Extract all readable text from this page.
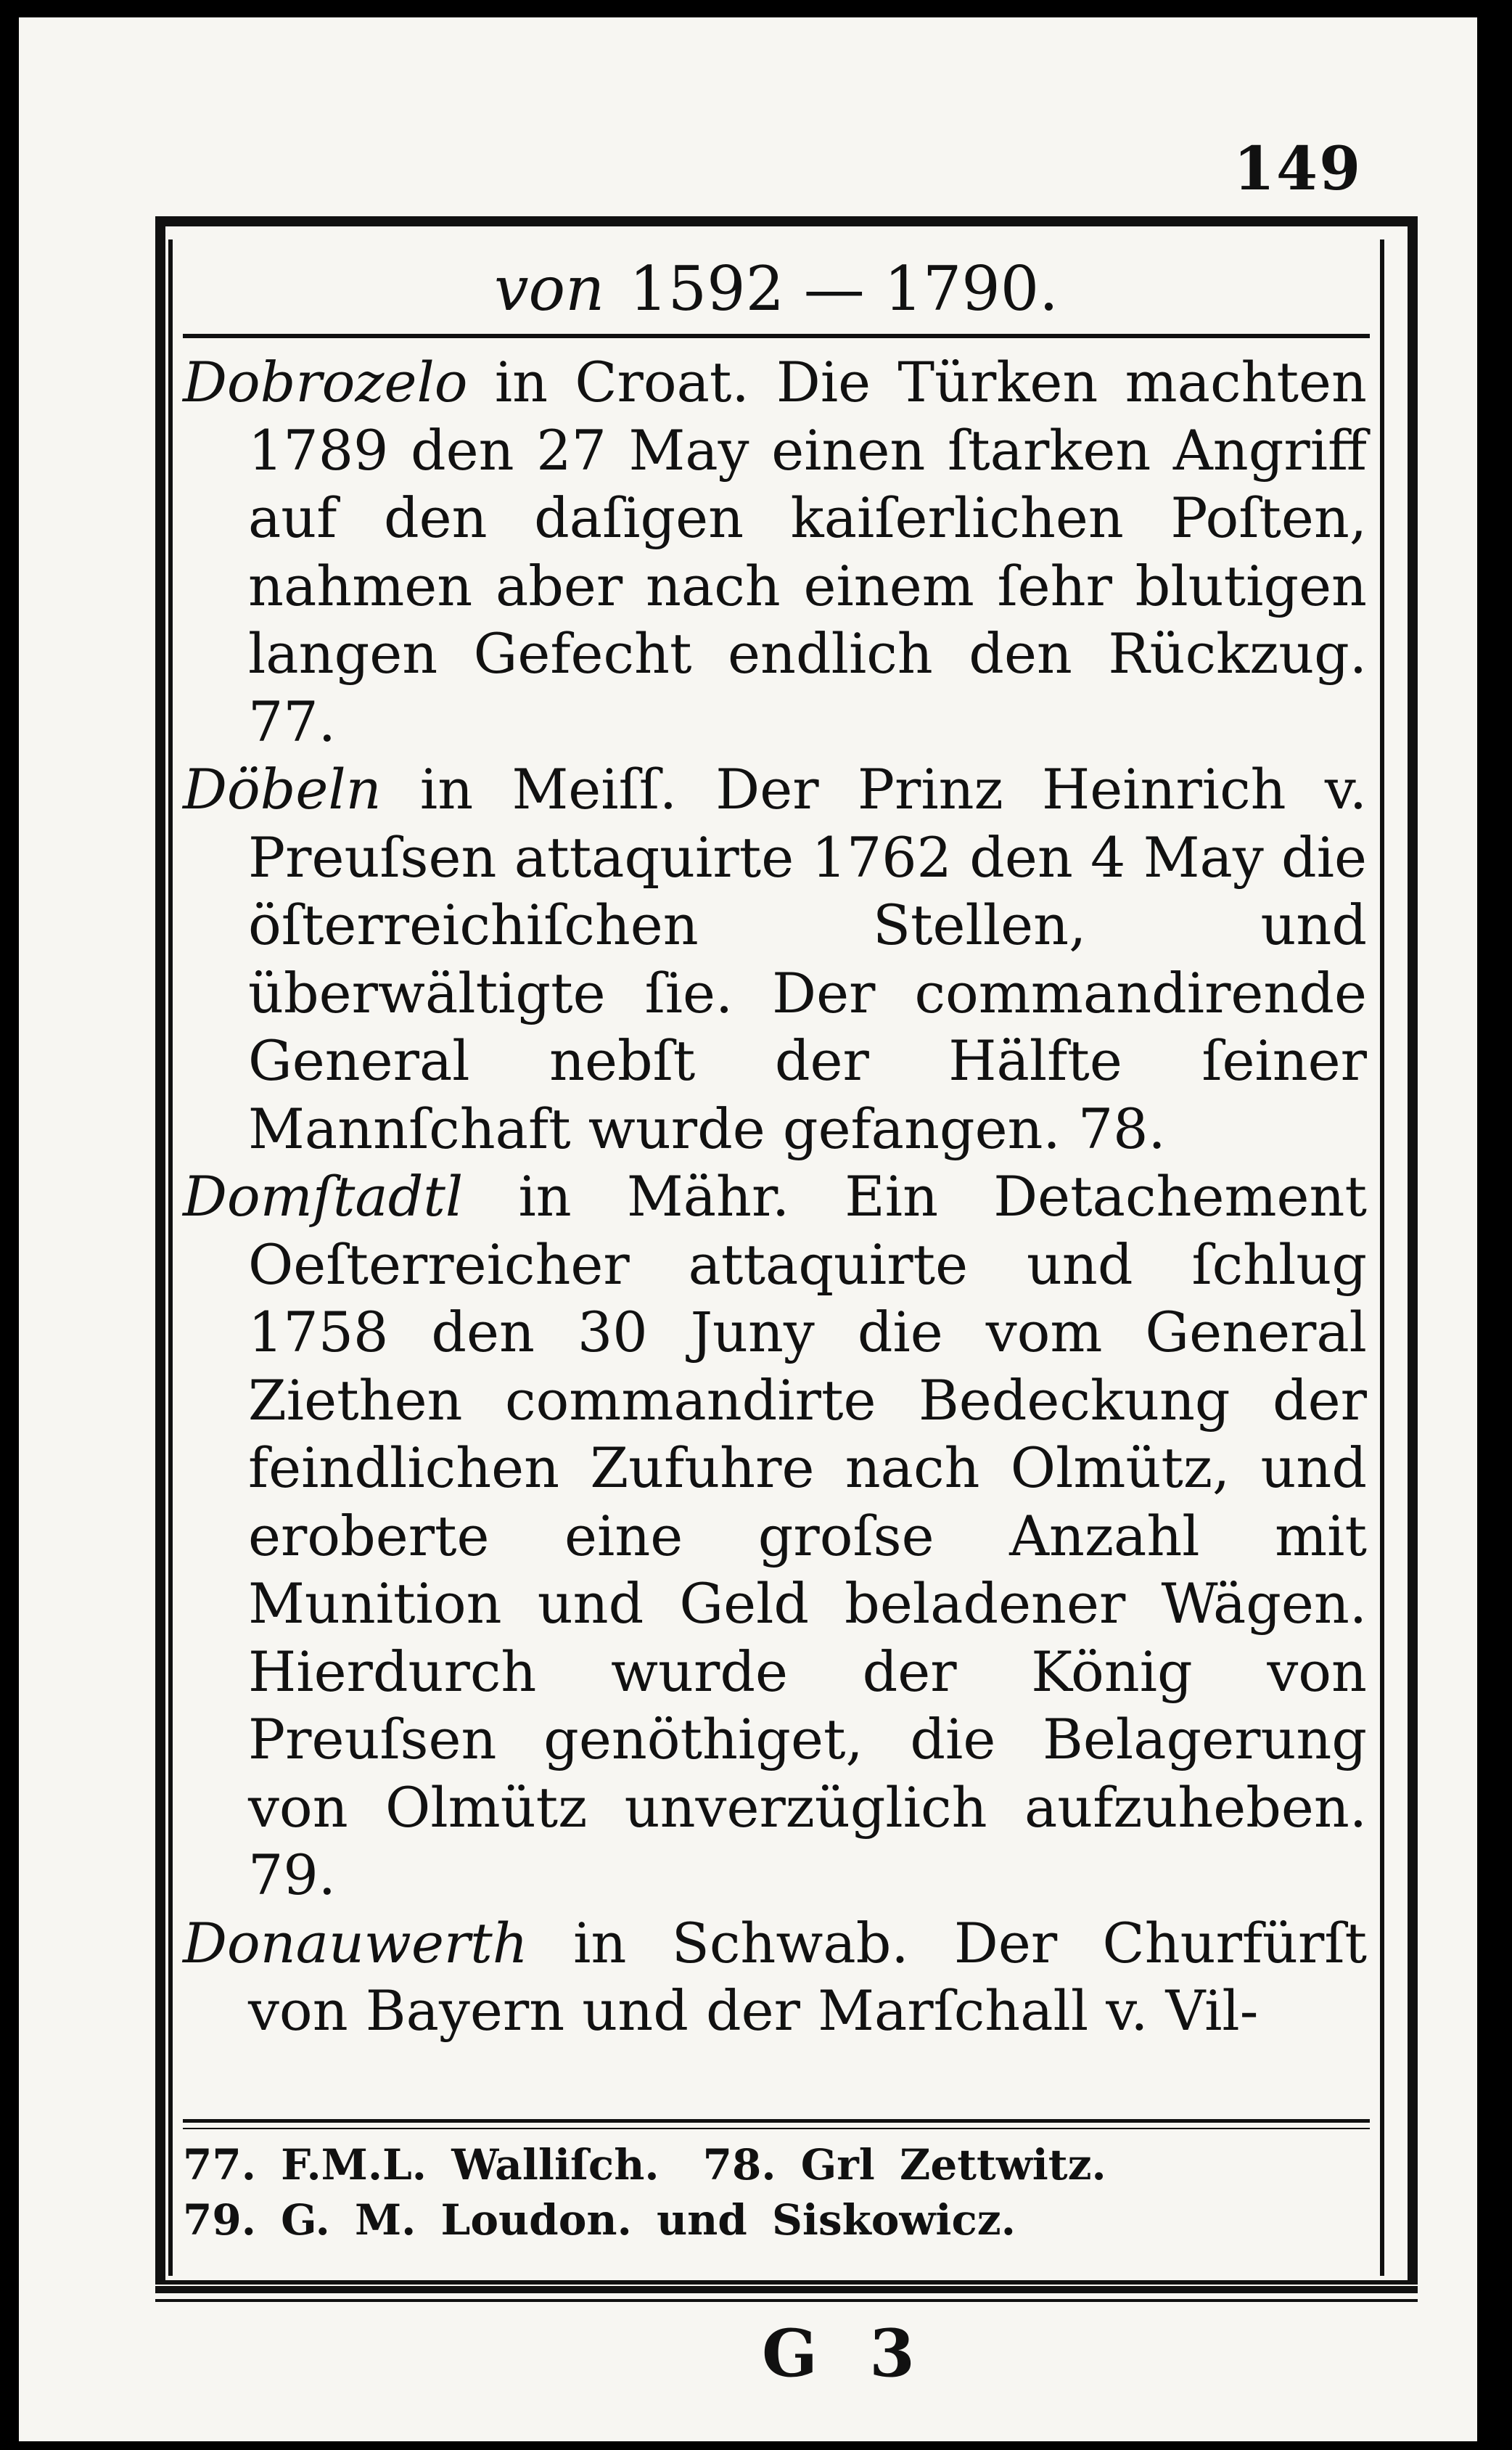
149
von 1592 — 1790.

Dobrozelo in Croat. Die Türken machten 1789 den 27 May einen ſtarken Angriff auf den daſigen kaiſerlichen Poſten, nahmen aber nach einem ſehr blutigen langen Gefecht endlich den Rückzug. 77.

Döbeln in Meiſſ. Der Prinz Heinrich v. Preuſsen attaquirte 1762 den 4 May die öſterreichiſchen Stellen, und überwältigte ſie. Der commandirende General nebſt der Hälfte ſeiner Mannſchaft wurde gefangen. 78.

Domſtadtl in Mähr. Ein Detachement Oeſterreicher attaquirte und ſchlug 1758 den 30 Juny die vom General Ziethen commandirte Bedeckung der feindlichen Zufuhre nach Olmütz, und eroberte eine groſse Anzahl mit Munition und Geld beladener Wägen. Hierdurch wurde der König von Preuſsen genöthiget, die Belagerung von Olmütz unverzüglich aufzuheben. 79.

Donauwerth in Schwab. Der Churfürſt von Bayern und der Marſchall v. Vil-

77. F.M.L. Walliſch. 78. Grl Zettwitz.
79. G. M. Loudon. und Siskowicz.
G 3
